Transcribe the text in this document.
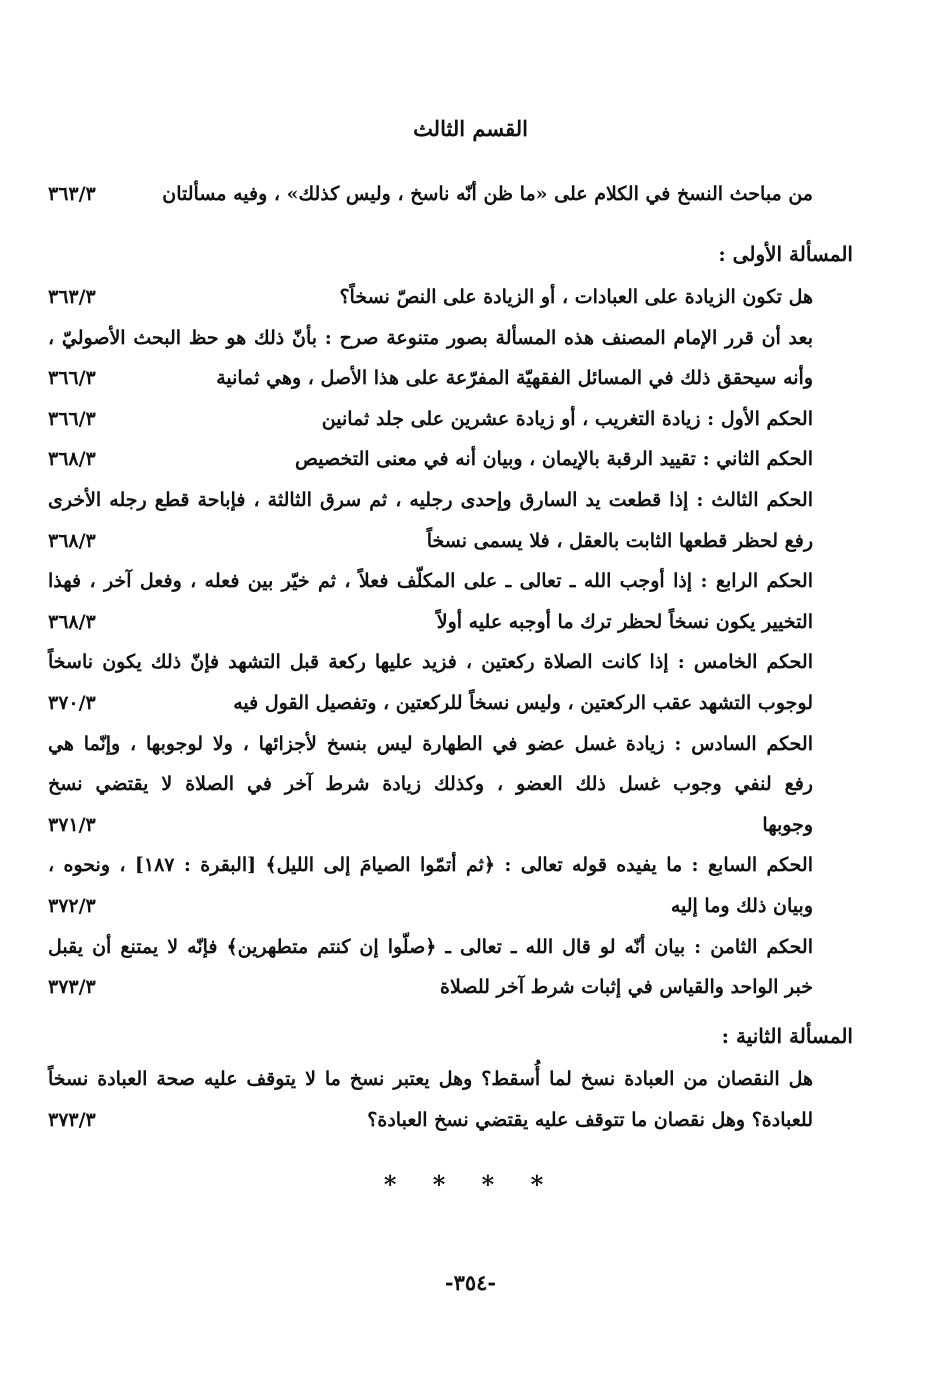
القسم الثالث
من مباحث النسخ في الكلام على «ما ظن أنّه ناسخ ، وليس كذلك» ، وفيه مسألتان
٣٦٣/٣
المسألة الأولى :
هل تكون الزيادة على العبادات ، أو الزيادة على النصّ نسخاً؟
٣٦٣/٣
بعد أن قرر الإمام المصنف هذه المسألة بصور متنوعة صرح : بأنّ ذلك هو حظ البحث الأصوليّ ،
وأنه سيحقق ذلك في المسائل الفقهيّة المفرّعة على هذا الأصل ، وهي ثمانية
٣٦٦/٣
الحكم الأول : زيادة التغريب ، أو زيادة عشرين على جلد ثمانين
٣٦٦/٣
الحكم الثاني : تقييد الرقبة بالإيمان ، وبيان أنه في معنى التخصيص
٣٦٨/٣
الحكم الثالث : إذا قطعت يد السارق وإحدى رجليه ، ثم سرق الثالثة ، فإباحة قطع رجله الأخرى
رفع لحظر قطعها الثابت بالعقل ، فلا يسمى نسخاً
٣٦٨/٣
الحكم الرابع : إذا أوجب الله ـ تعالى ـ على المكلّف فعلاً ، ثم خيّر بين فعله ، وفعل آخر ، فهذا
التخيير يكون نسخاً لحظر ترك ما أوجبه عليه أولاً
٣٦٨/٣
الحكم الخامس : إذا كانت الصلاة ركعتين ، فزيد عليها ركعة قبل التشهد فإنّ ذلك يكون ناسخاً
لوجوب التشهد عقب الركعتين ، وليس نسخاً للركعتين ، وتفصيل القول فيه
٣٧٠/٣
الحكم السادس : زيادة غسل عضو في الطهارة ليس بنسخ لأجزائها ، ولا لوجوبها ، وإنّما هي
رفع لنفي وجوب غسل ذلك العضو ، وكذلك زيادة شرط آخر في الصلاة لا يقتضي نسخ
وجوبها
٣٧١/٣
الحكم السابع : ما يفيده قوله تعالى : ﴿ثم أتمّوا الصيامَ إلى الليل﴾ [البقرة : ١٨٧] ، ونحوه ،
وبيان ذلك وما إليه
٣٧٢/٣
الحكم الثامن : بيان أنّه لو قال الله ـ تعالى ـ ﴿صلّوا إن كنتم متطهرين﴾ فإنّه لا يمتنع أن يقبل
خبر الواحد والقياس في إثبات شرط آخر للصلاة
٣٧٣/٣
المسألة الثانية :
هل النقصان من العبادة نسخ لما أُسقط؟ وهل يعتبر نسخ ما لا يتوقف عليه صحة العبادة نسخاً
للعبادة؟ وهل نقصان ما تتوقف عليه يقتضي نسخ العبادة؟
٣٧٣/٣
* * * *
-٣٥٤-
